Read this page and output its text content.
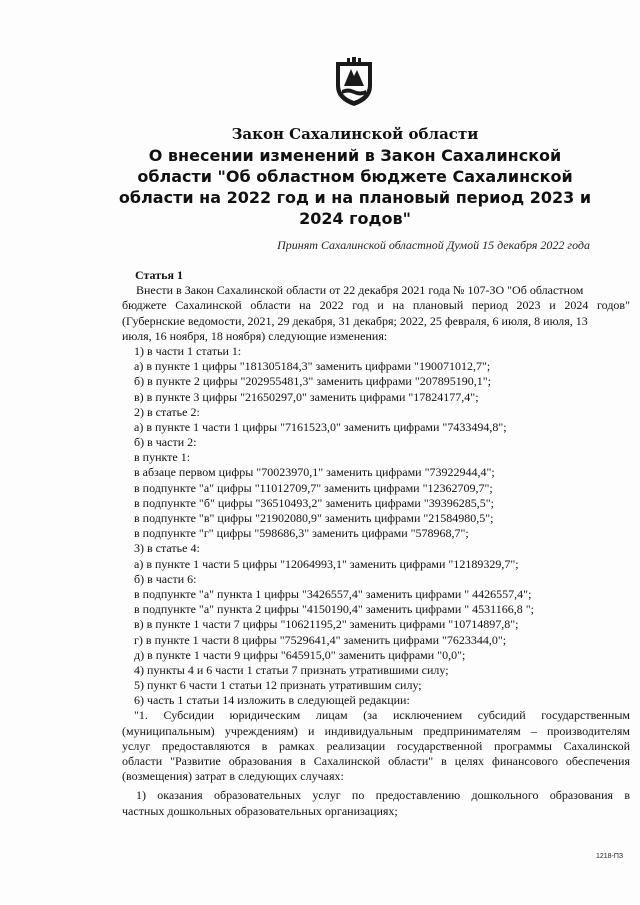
Закон Сахалинской области

О внесении изменений в Закон Сахалинской

области "Об областном бюджете Сахалинской

области на 2022 год и на плановый период 2023 и

2024 годов"

Принят Сахалинской областной Думой 15 декабря 2022 года

Статья 1

Внести в Закон Сахалинской области от 22 декабря 2021 года № 107-ЗО "Об областном

бюджете Сахалинской области на 2022 год и на плановый период 2023 и 2024 годов"

(Губернские ведомости, 2021, 29 декабря, 31 декабря; 2022, 25 февраля, 6 июля, 8 июля, 13

июля, 16 ноября, 18 ноября) следующие изменения:

1) в части 1 статьи 1:

а) в пункте 1 цифры "181305184,3" заменить цифрами "190071012,7";

б) в пункте 2 цифры "202955481,3" заменить цифрами "207895190,1";

в) в пункте 3 цифры "21650297,0" заменить цифрами "17824177,4";

2) в статье 2:

а) в пункте 1 части 1 цифры "7161523,0" заменить цифрами "7433494,8";

б) в части 2:

в пункте 1:

в абзаце первом цифры "70023970,1" заменить цифрами "73922944,4";

в подпункте "а" цифры "11012709,7" заменить цифрами "12362709,7";

в подпункте "б" цифры "36510493,2" заменить цифрами "39396285,5";

в подпункте "в" цифры "21902080,9" заменить цифрами "21584980,5";

в подпункте "г" цифры "598686,3" заменить цифрами "578968,7";

3) в статье 4:

а) в пункте 1 части 5 цифры "12064993,1" заменить цифрами "12189329,7";

б) в части 6:

в подпункте "а" пункта 1 цифры "3426557,4" заменить цифрами " 4426557,4";

в подпункте "а" пункта 2 цифры "4150190,4" заменить цифрами " 4531166,8 ";

в) в пункте 1 части 7 цифры "10621195,2" заменить цифрами "10714897,8";

г) в пункте 1 части 8 цифры "7529641,4" заменить цифрами "7623344,0";

д) в пункте 1 части 9 цифры "645915,0" заменить цифрами "0,0";

4) пункты 4 и 6 части 1 статьи 7 признать утратившими силу;

5) пункт 6 части 1 статьи 12 признать утратившим силу;

6) часть 1 статьи 14 изложить в следующей редакции:

"1. Субсидии юридическим лицам (за исключением субсидий государственным

(муниципальным) учреждениям) и индивидуальным предпринимателям – производителям

услуг предоставляются в рамках реализации государственной программы Сахалинской

области "Развитие образования в Сахалинской области" в целях финансового обеспечения

(возмещения) затрат в следующих случаях:

1) оказания образовательных услуг по предоставлению дошкольного образования в

частных дошкольных образовательных организациях;

1218-ПЗ
